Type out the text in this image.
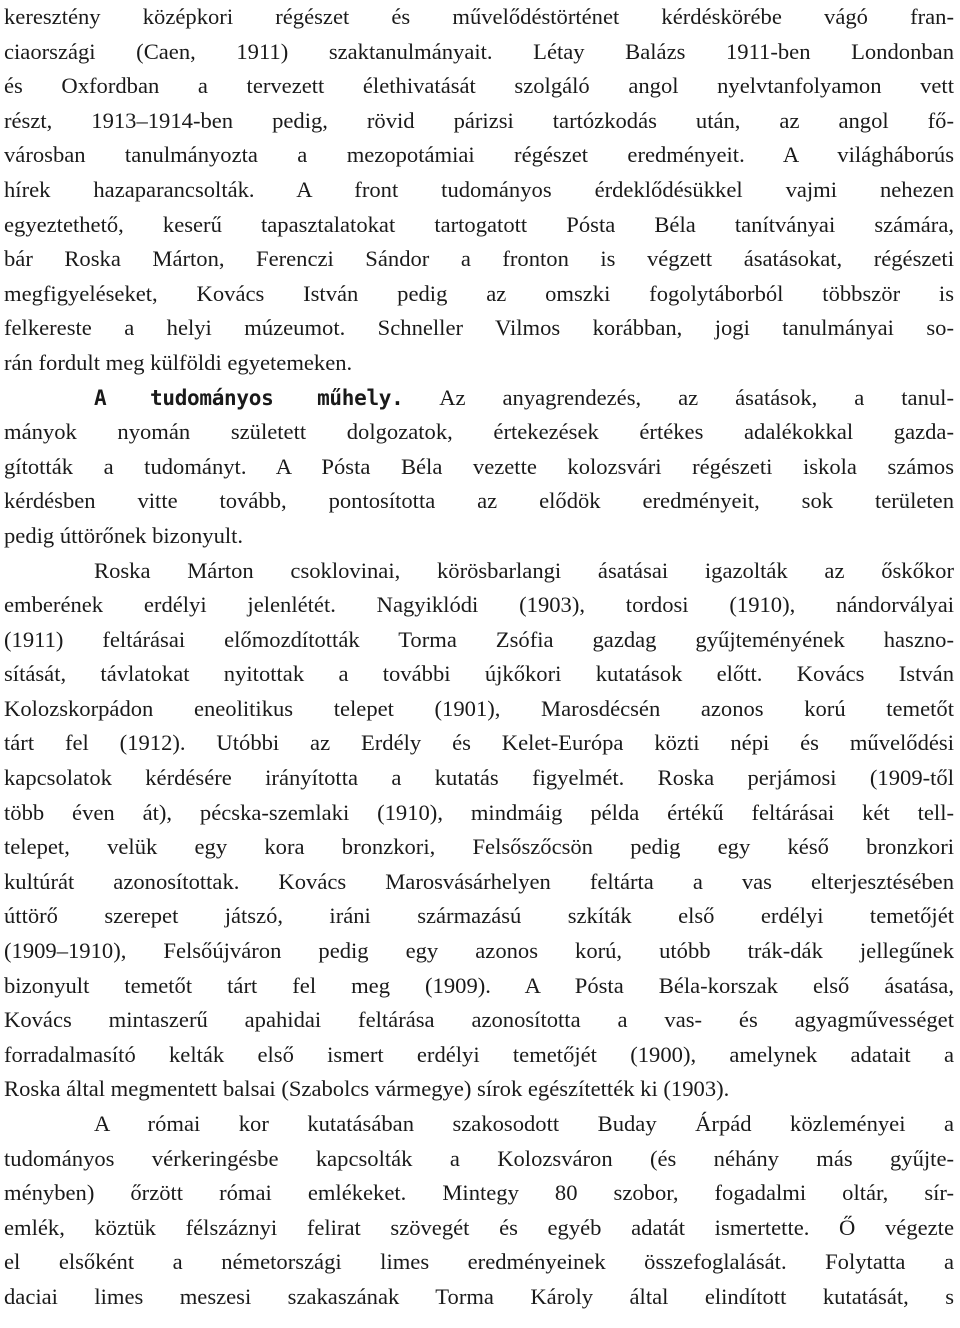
keresztény középkori régészet és művelődéstörténet kérdéskörébe vágó fran-
ciaországi (Caen, 1911) szaktanulmányait. Létay Balázs 1911-ben Londonban
és Oxfordban a tervezett élethivatását szolgáló angol nyelvtanfolyamon vett
részt, 1913–1914-ben pedig, rövid párizsi tartózkodás után, az angol fő-
városban tanulmányozta a mezopotámiai régészet eredményeit. A világháborús
hírek hazaparancsolták. A front tudományos érdeklődésükkel vajmi nehezen
egyeztethető, keserű tapasztalatokat tartogatott Pósta Béla tanítványai számára,
bár Roska Márton, Ferenczi Sándor a fronton is végzett ásatásokat, régészeti
megfigyeléseket, Kovács István pedig az omszki fogolytáborból többször is
felkereste a helyi múzeumot. Schneller Vilmos korábban, jogi tanulmányai so-
rán fordult meg külföldi egyetemeken.
A tudományos műhely. Az anyagrendezés, az ásatások, a tanul-
mányok nyomán született dolgozatok, értekezések értékes adalékokkal gazda-
gították a tudományt. A Pósta Béla vezette kolozsvári régészeti iskola számos
kérdésben vitte tovább, pontosította az elődök eredményeit, sok területen
pedig úttörőnek bizonyult.
Roska Márton csoklovinai, körösbarlangi ásatásai igazolták az őskőkor
emberének erdélyi jelenlétét. Nagyiklódi (1903), tordosi (1910), nándorvályai
(1911) feltárásai előmozdították Torma Zsófia gazdag gyűjteményének haszno-
sítását, távlatokat nyitottak a további újkőkori kutatások előtt. Kovács István
Kolozskorpádon eneolitikus telepet (1901), Marosdécsén azonos korú temetőt
tárt fel (1912). Utóbbi az Erdély és Kelet-Európa közti népi és művelődési
kapcsolatok kérdésére irányította a kutatás figyelmét. Roska perjámosi (1909-től
több éven át), pécska-szemlaki (1910), mindmáig példa értékű feltárásai két tell-
telepet, velük egy kora bronzkori, Felsőszőcsön pedig egy késő bronzkori
kultúrát azonosítottak. Kovács Marosvásárhelyen feltárta a vas elterjesztésében
úttörő szerepet játszó, iráni származású szkíták első erdélyi temetőjét
(1909–1910), Felsőújváron pedig egy azonos korú, utóbb trák-dák jellegűnek
bizonyult temetőt tárt fel meg (1909). A Pósta Béla-korszak első ásatása,
Kovács mintaszerű apahidai feltárása azonosította a vas- és agyagművességet
forradalmasító kelták első ismert erdélyi temetőjét (1900), amelynek adatait a
Roska által megmentett balsai (Szabolcs vármegye) sírok egészítették ki (1903).
A római kor kutatásában szakosodott Buday Árpád közleményei a
tudományos vérkeringésbe kapcsolták a Kolozsváron (és néhány más gyűjte-
ményben) őrzött római emlékeket. Mintegy 80 szobor, fogadalmi oltár, sír-
emlék, köztük félszáznyi felirat szövegét és egyéb adatát ismertette. Ő végezte
el elsőként a németországi limes eredményeinek összefoglalását. Folytatta a
daciai limes meszesi szakaszának Torma Károly által elindított kutatását, s
